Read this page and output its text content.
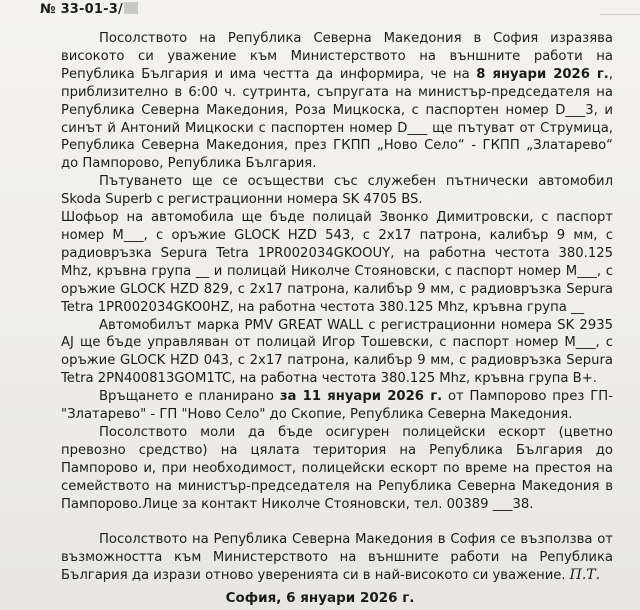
№ 33-01-3/

Посолството на Република Северна Македония в София изразява високото си уважение към Министерството на външните работи на Република България и има честта да информира, че на 8 януари 2026 г., приблизително в 6:00 ч. сутринта, съпругата на министър-председателя на Република Северна Македония, Роза Мицкоска, с паспортен номер D___3, и синът й Антоний Мицкоски с паспортен номер D___ ще пътуват от Струмица, Република Северна Македония, през ГКПП „Ново Село“ - ГКПП „Златарево“ до Пампорово, Република България.

Пътуването ще се осъществи със служебен пътнически автомобил Skoda Superb с регистрационни номера SK 4705 BS.

Шофьор на автомобила ще бъде полицай Звонко Димитровски, с паспорт номер М___, с оръжие GLOCK HZD 543, с 2x17 патрона, калибър 9 мм, с радиовръзка Sepura Tetra 1PR002034GKOOUY, на работна честота 380.125 Mhz, кръвна група __ и полицай Николче Стояновски, с паспорт номер М___, с оръжие GLOCK HZD 829, с 2x17 патрона, калибър 9 мм, с радиовръзка Sepura Tetra 1PR002034GKO0HZ, на работна честота 380.125 Mhz, кръвна група __

Автомобилът марка PMV GREAT WALL с регистрационни номера SK 2935 AJ ще бъде управляван от полицай Игор Тошевски, с паспорт номер М___, с оръжие GLOCK HZD 043, с 2x17 патрона, калибър 9 мм, с радиовръзка Sepura Tetra 2PN400813GOM1TC, на работна честота 380.125 Mhz, кръвна група В+.

Връщането е планирано за 11 януари 2026 г. от Пампорово през ГП-"Златарево" - ГП "Ново Село" до Скопие, Република Северна Македония.

Посолството моли да бъде осигурен полицейски ескорт (цветно превозно средство) на цялата територия на Република България до Пампорово и, при необходимост, полицейски ескорт по време на престоя на семейството на министър-председателя на Република Северна Македония в Пампорово.Лице за контакт Николче Стояновски, тел. 00389 ___38.

Посолството на Република Северна Македония в София се възползва от възможността към Министерството на външните работи на Република България да изрази отново уверенията си в най-високото си уважение. П.Т.

София, 6 януари 2026 г.
